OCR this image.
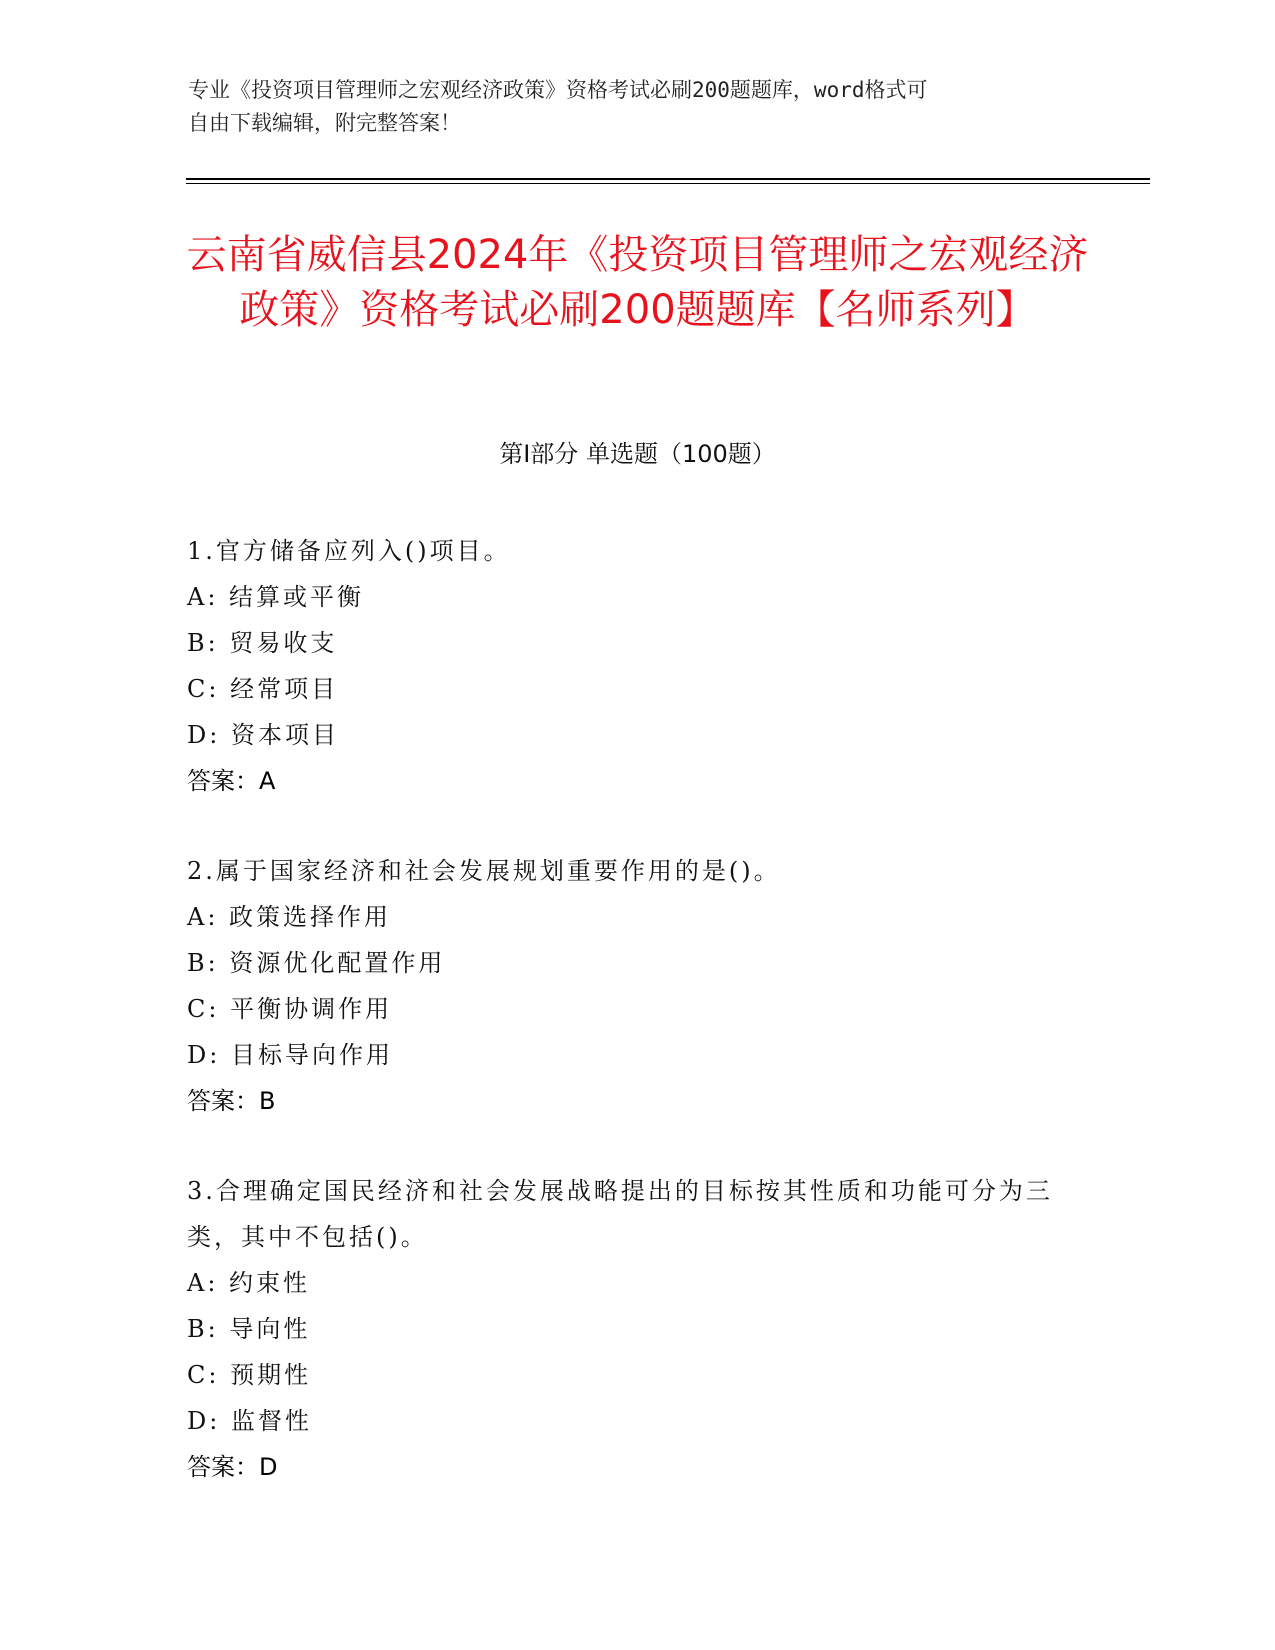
专业《投资项目管理师之宏观经济政策》资格考试必刷200题题库，word格式可
自由下载编辑，附完整答案！
云南省威信县2024年《投资项目管理师之宏观经济政策》资格考试必刷200题题库【名师系列】
第I部分 单选题（100题）
1.官方储备应列入()项目。
A: 结算或平衡
B: 贸易收支
C: 经常项目
D: 资本项目
答案：A
2.属于国家经济和社会发展规划重要作用的是()。
A: 政策选择作用
B: 资源优化配置作用
C: 平衡协调作用
D: 目标导向作用
答案：B
3.合理确定国民经济和社会发展战略提出的目标按其性质和功能可分为三类，其中不包括()。
A: 约束性
B: 导向性
C: 预期性
D: 监督性
答案：D
